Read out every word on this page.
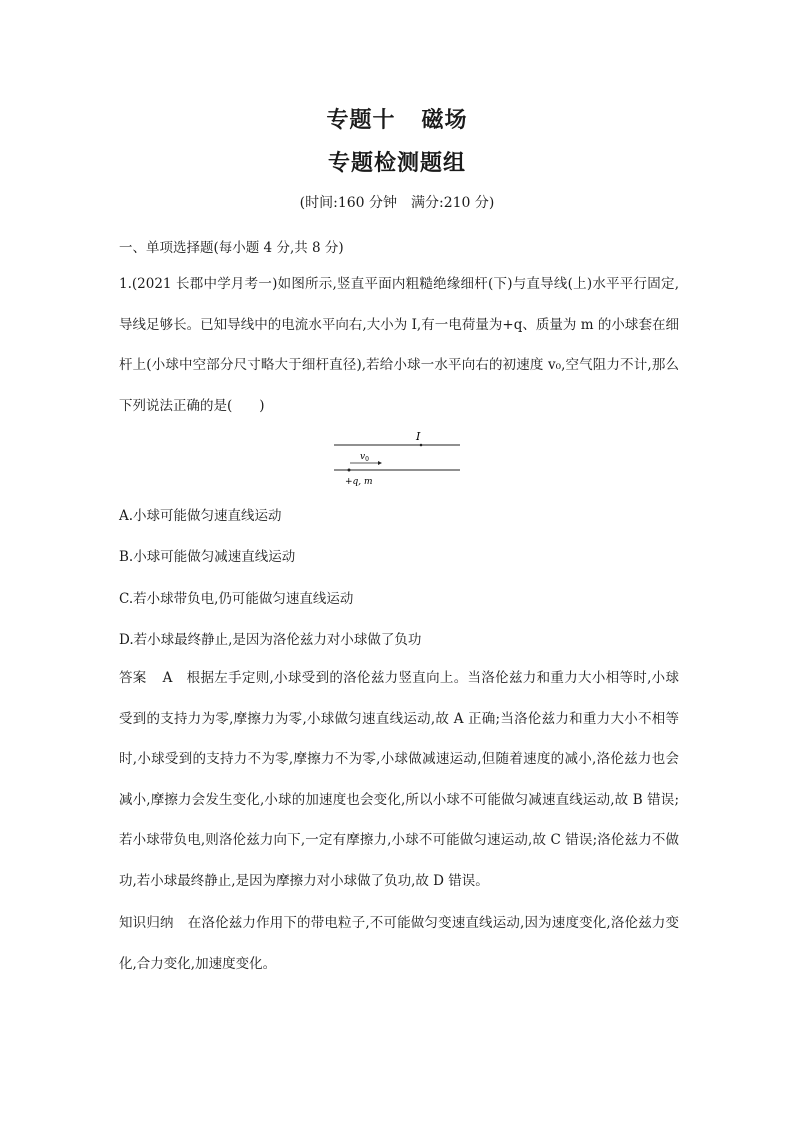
专题十 磁场
专题检测题组
(时间:160 分钟　满分:210 分)
一、单项选择题(每小题 4 分,共 8 分)

1.(2021 长郡中学月考一)如图所示,竖直平面内粗糙绝缘细杆(下)与直导线(上)水平平行固定,导线足够长。已知导线中的电流水平向右,大小为 I,有一电荷量为+q、质量为 m 的小球套在细杆上(小球中空部分尺寸略大于细杆直径),若给小球一水平向右的初速度 v₀,空气阻力不计,那么下列说法正确的是(　　)

I
$v_0$
+q, m
A.小球可能做匀速直线运动
B.小球可能做匀减速直线运动
C.若小球带负电,仍可能做匀速直线运动
D.若小球最终静止,是因为洛伦兹力对小球做了负功

答案 A 根据左手定则,小球受到的洛伦兹力竖直向上。当洛伦兹力和重力大小相等时,小球受到的支持力为零,摩擦力为零,小球做匀速直线运动,故 A 正确;当洛伦兹力和重力大小不相等时,小球受到的支持力不为零,摩擦力不为零,小球做减速运动,但随着速度的减小,洛伦兹力也会减小,摩擦力会发生变化,小球的加速度也会变化,所以小球不可能做匀减速直线运动,故 B 错误;若小球带负电,则洛伦兹力向下,一定有摩擦力,小球不可能做匀速运动,故 C 错误;洛伦兹力不做功,若小球最终静止,是因为摩擦力对小球做了负功,故 D 错误。

知识归纳 在洛伦兹力作用下的带电粒子,不可能做匀变速直线运动,因为速度变化,洛伦兹力变化,合力变化,加速度变化。
